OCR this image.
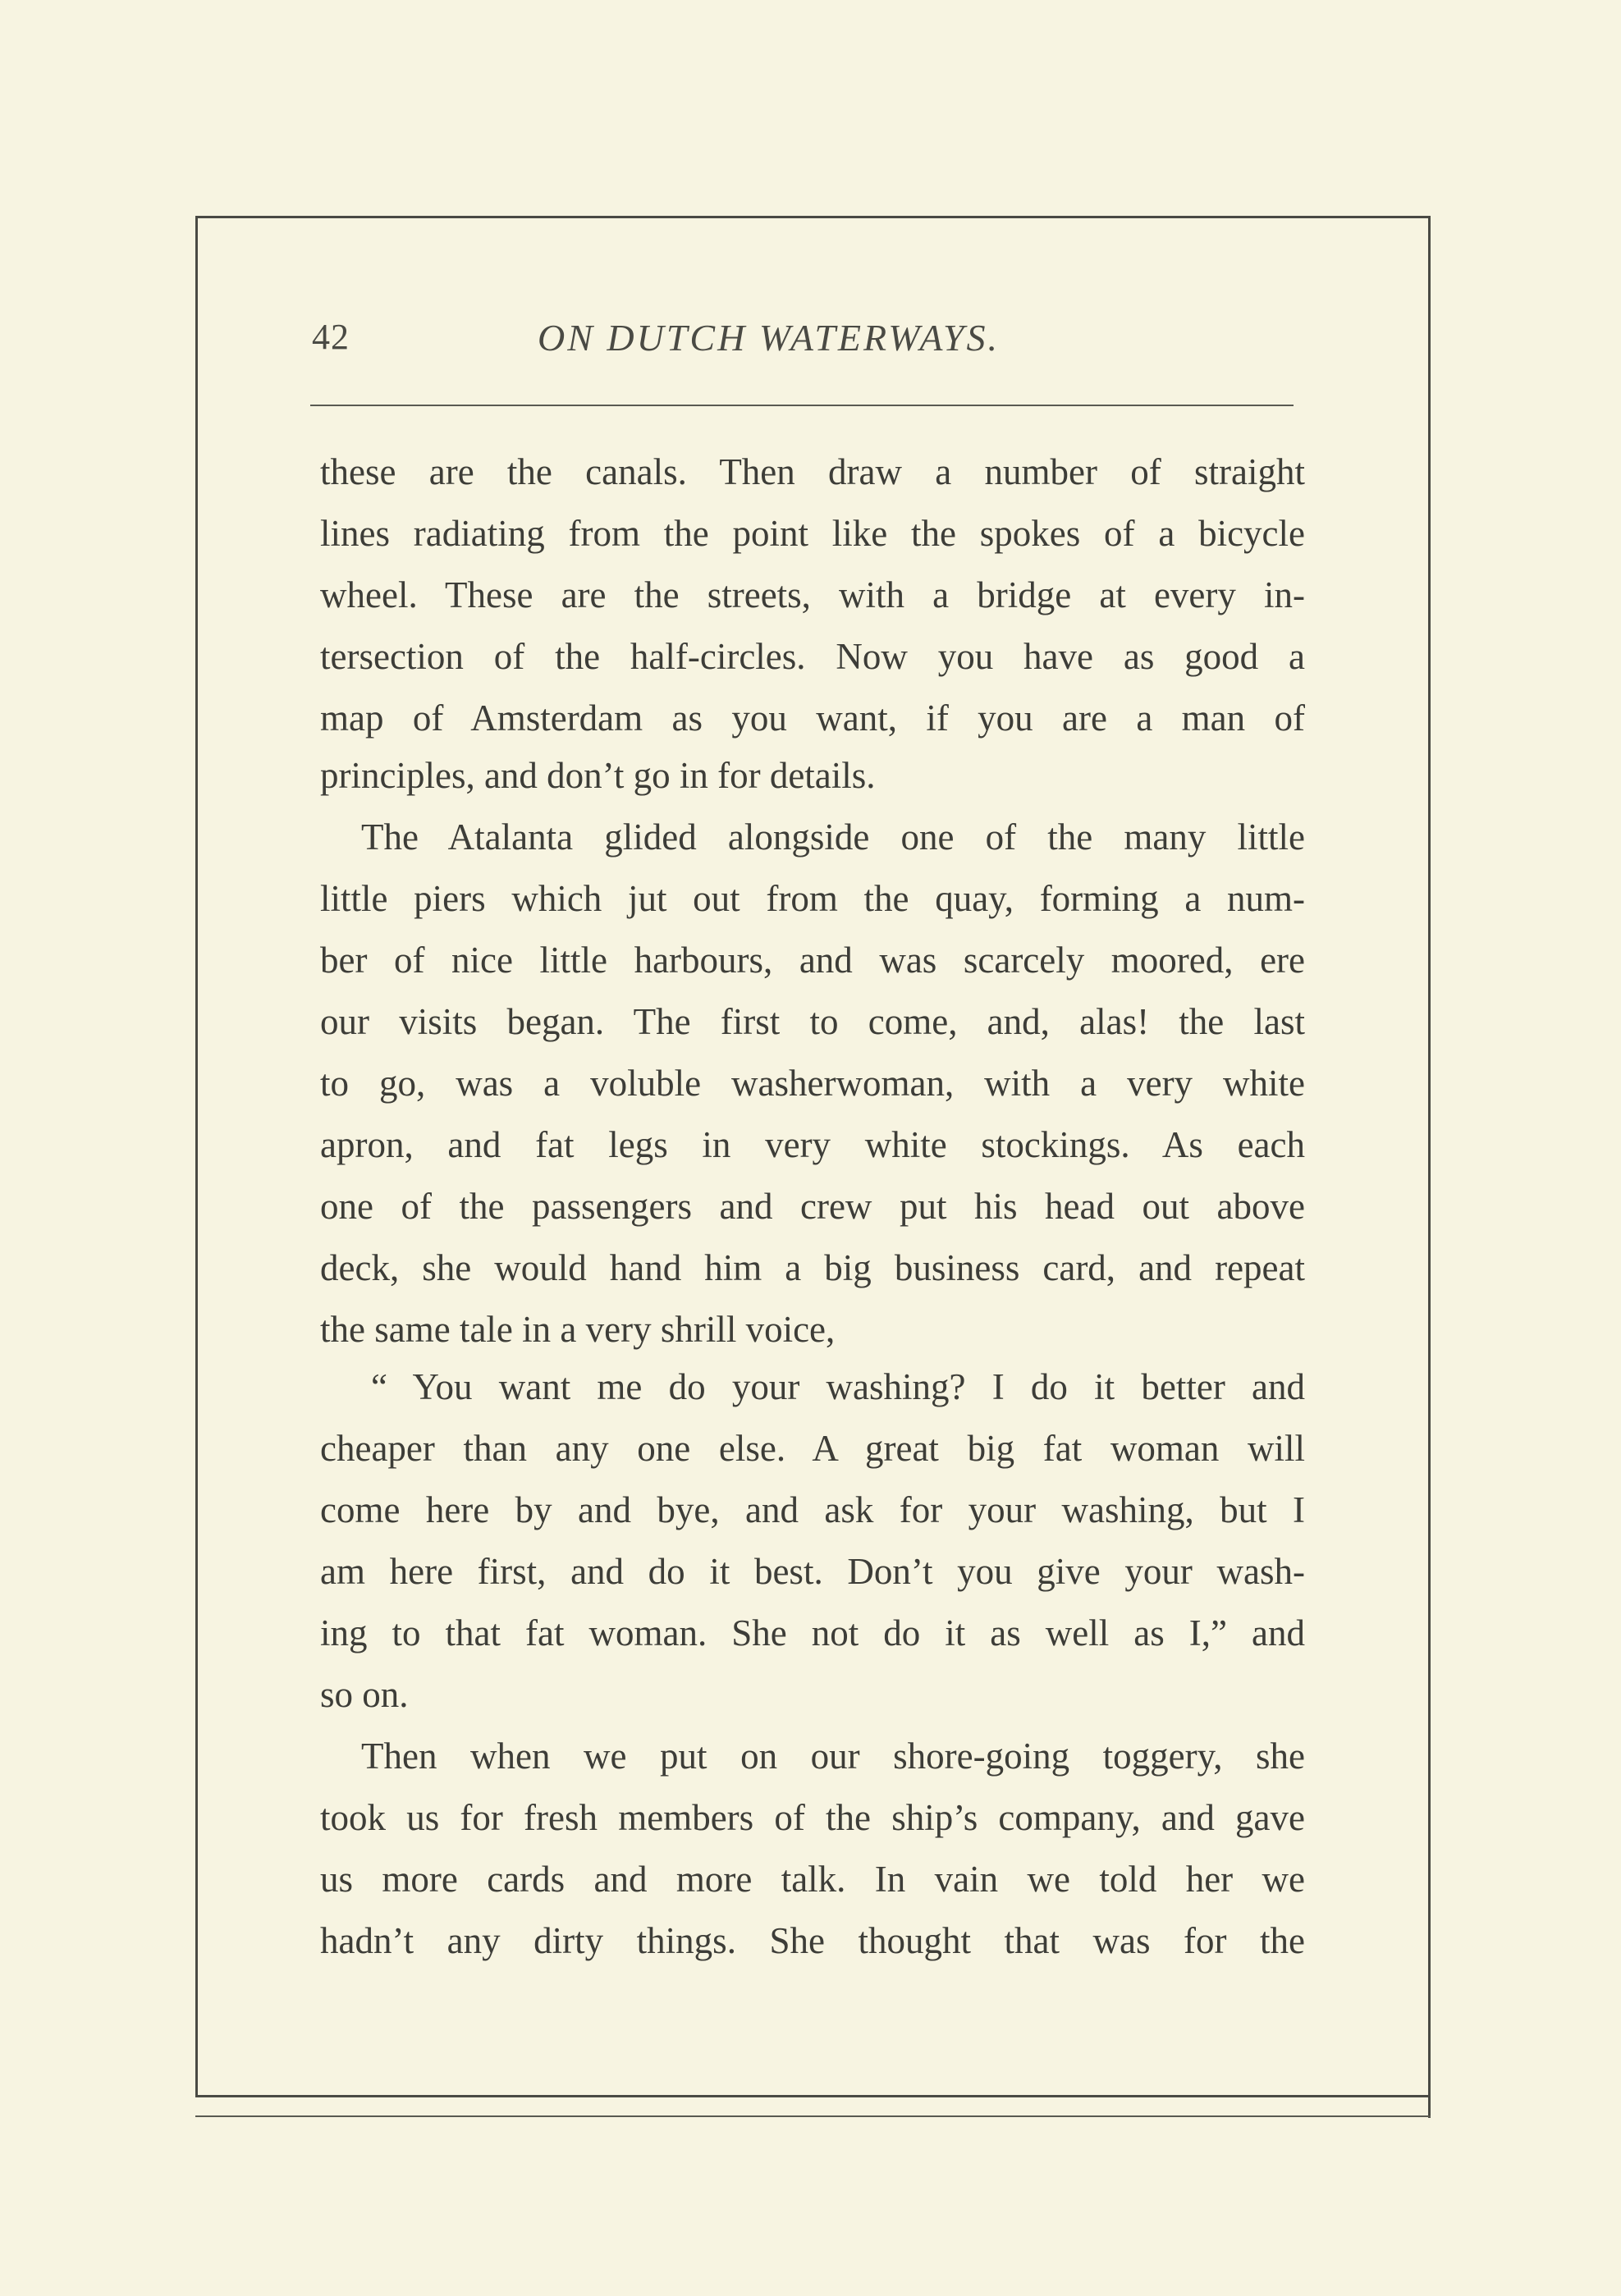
42	ON DUTCH WATERWAYS.
these are the canals. Then draw a number of straight
lines radiating from the point like the spokes of a bicycle
wheel. These are the streets, with a bridge at every in-
tersection of the half-circles. Now you have as good a
map of Amsterdam as you want, if you are a man of
principles, and don’t go in for details.
The Atalanta glided alongside one of the many little
little piers which jut out from the quay, forming a num-
ber of nice little harbours, and was scarcely moored, ere
our visits began. The first to come, and, alas! the last
to go, was a voluble washerwoman, with a very white
apron, and fat legs in very white stockings. As each
one of the passengers and crew put his head out above
deck, she would hand him a big business card, and repeat
the same tale in a very shrill voice,
“ You want me do your washing? I do it better and
cheaper than any one else. A great big fat woman will
come here by and bye, and ask for your washing, but I
am here first, and do it best. Don’t you give your wash-
ing to that fat woman. She not do it as well as I,” and
so on.
Then when we put on our shore-going toggery, she
took us for fresh members of the ship’s company, and gave
us more cards and more talk. In vain we told her we
hadn’t any dirty things. She thought that was for the
